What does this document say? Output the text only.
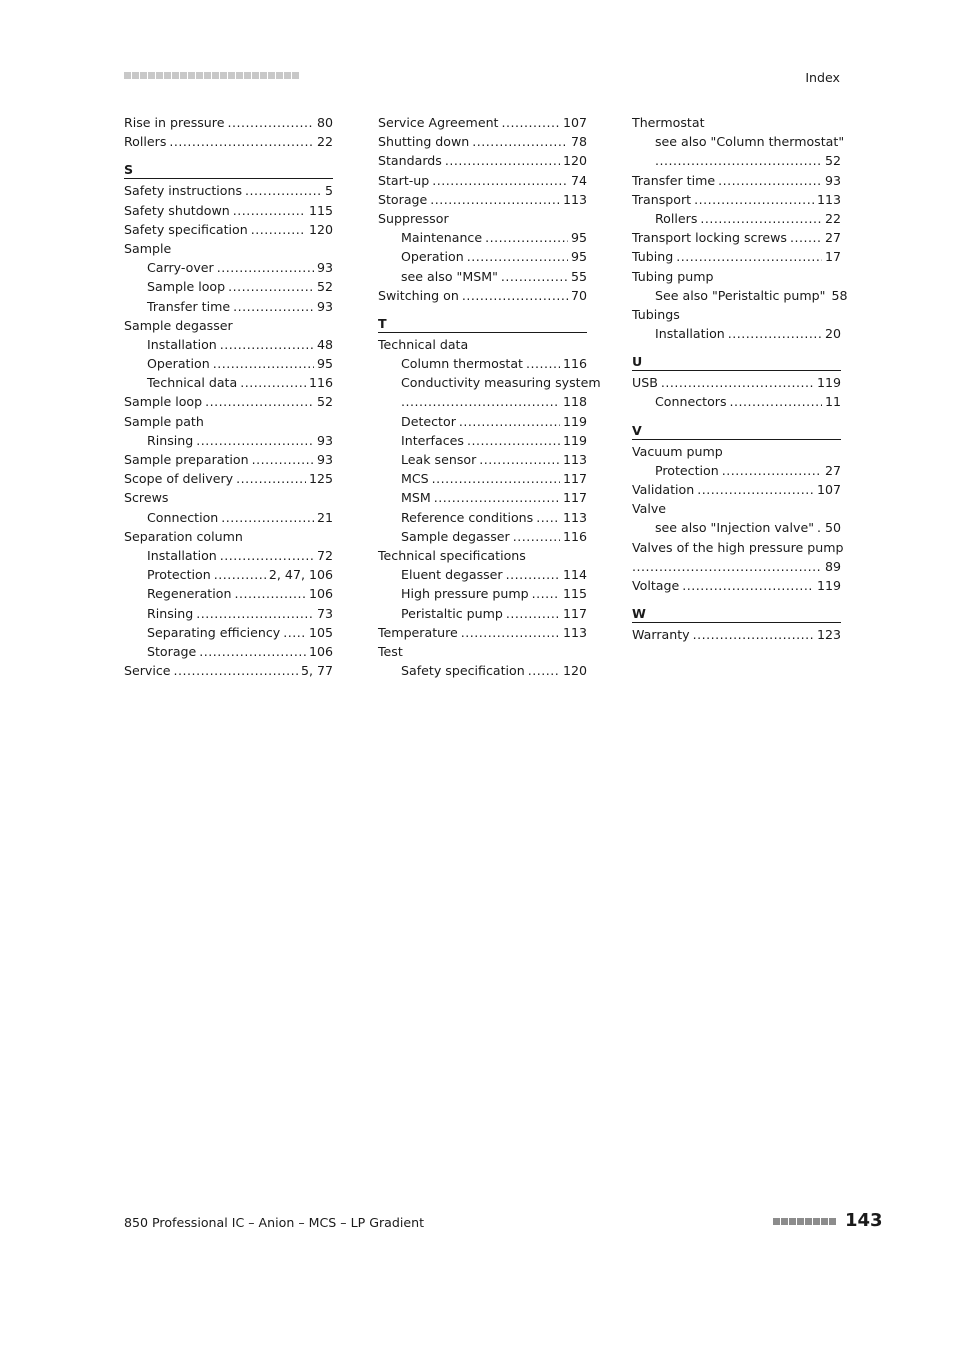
Index
Rise in pressure .....	80
Rollers .....	22
S
Safety instructions .....	5
Safety shutdown .....	115
Safety specification .....	120
Sample
Carry-over .....	93
Sample loop .....	52
Transfer time .....	93
Sample degasser
Installation .....	48
Operation .....	95
Technical data .....	116
Sample loop .....	52
Sample path
Rinsing .....	93
Sample preparation .....	93
Scope of delivery .....	125
Screws
Connection .....	21
Separation column
Installation .....	72
Protection .....	2, 47, 106
Regeneration .....	106
Rinsing .....	73
Separating efficiency ..... 105
Storage .....	106
Service .....	5, 77
Service Agreement .....	107
Shutting down .....	78
Standards .....	120
Start-up .....	74
Storage .....	113
Suppressor
Maintenance .....	95
Operation .....	95
see also "MSM" .....	55
Switching on .....	70
T
Technical data
Column thermostat .....	116
Conductivity measuring system
.....
118
Detector .....	119
Interfaces .....	119
Leak sensor .....	113
MCS .....	117
MSM .....	117
Reference conditions ..... 113
Sample degasser .....	116
Technical specifications
Eluent degasser .....	114
High pressure pump .....	115
Peristaltic pump .....	117
Temperature .....	113
Test
Safety specification .....	120
Thermostat
see also "Column thermostat"
.....
52
Transfer time .....	93
Transport .....	113
Rollers .....	22
Transport locking screws .....	27
Tubing .....	17
Tubing pump
See also "Peristaltic pump" 58
Tubings
Installation .....	20
U
USB .....	119
Connectors .....	11
V
Vacuum pump
Protection .....	27
Validation .....	107
Valve
see also "Injection valve" ..... 50
Valves of the high pressure pump
.....
89
Voltage .....	119
W
Warranty .....	123
850 Professional IC – Anion – MCS – LP Gradient	143
